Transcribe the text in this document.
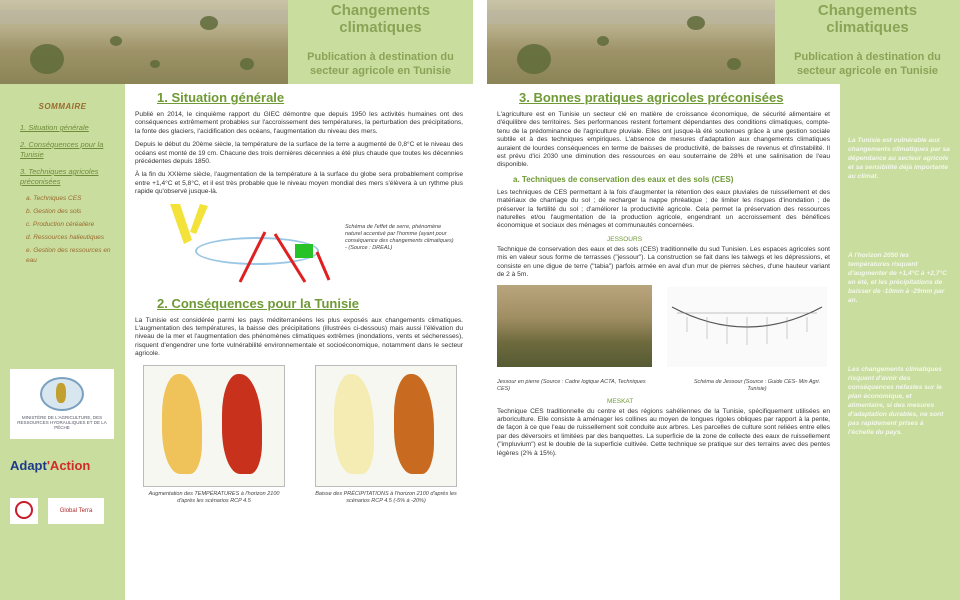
Changements climatiques
Publication à destination du secteur agricole en Tunisie
SOMMAIRE
1. Situation générale
2. Conséquences pour la Tunisie
3. Techniques agricoles préconisées
a. Techniques CES
b. Gestion des sols
c. Production céréalière
d. Ressources halieutiques
e. Gestion des ressources en eau
MINISTÈRE DE L'AGRICULTURE, DES RESSOURCES HYDRAULIQUES ET DE LA PÊCHE
Adapt'Action
Global Terra
1. Situation générale

Publié en 2014, le cinquième rapport du GIEC démontre que depuis 1950 les activités humaines ont des conséquences extrêmement probables sur l'accroissement des températures, la perturbation des précipitations, la fonte des glaciers, l'acidification des océans, l'augmentation du niveau des mers.

Depuis le début du 20ème siècle, la température de la surface de la terre a augmenté de 0,8°C et le niveau des océans est monté de 19 cm. Chacune des trois dernières décennies a été plus chaude que toutes les décennies précédentes depuis 1850.

À la fin du XXIème siècle, l'augmentation de la température à la surface du globe sera probablement comprise entre +1,4°C et 5,8°C, et il est très probable que le niveau moyen mondial des mers s'élèvera à un rythme plus rapide qu'observé jusque-là.

Schéma de l'effet de serre, phénomène naturel accentué par l'homme (ayant pour conséquence des changements climatiques) - (Source : DREAL)
2. Conséquences pour la Tunisie

La Tunisie est considérée parmi les pays méditerranéens les plus exposés aux changements climatiques. L'augmentation des températures, la baisse des précipitations (illustrées ci-dessous) mais aussi l'élévation du niveau de la mer et l'augmentation des phénomènes climatiques extrêmes (inondations, vents et sécheresses), risquent d'engendrer une forte vulnérabilité environnementale et socioéconomique, notamment dans le secteur agricole.

Augmentation des TEMPÉRATURES à l'horizon 2100 d'après les scénarios RCP 4.5
Baisse des PRÉCIPITATIONS à l'horizon 2100 d'après les scénarios RCP 4.5 (-5% à -20%)
Changements climatiques
Publication à destination du secteur agricole en Tunisie
3. Bonnes pratiques agricoles préconisées

L'agriculture est en Tunisie un secteur clé en matière de croissance économique, de sécurité alimentaire et d'équilibre des territoires. Ses performances restent fortement dépendantes des conditions climatiques, compte-tenu de la prédominance de l'agriculture pluviale. Elles ont jusque-là été soutenues grâce à une gestion sociale subtile et à des techniques empiriques. L'absence de mesures d'adaptation aux changements climatiques auraient de lourdes conséquences en terme de baisses de productivité, de baisses de revenus et d'instabilité. Il est prévu d'ici 2030 une diminution des ressources en eau souterraine de 28% et une salinisation de l'eau disponible.

a. Techniques de conservation des eaux et des sols (CES)

Les techniques de CES permettant à la fois d'augmenter la rétention des eaux pluviales de ruissellement et des matériaux de charriage du sol ; de recharger la nappe phréatique ; de limiter les risques d'inondation ; de préserver la fertilité du sol ; d'améliorer la productivité agricole. Cela permet la préservation des ressources naturelles et/ou l'augmentation de la production agricole, engendrant un accroissement des bénéfices économique et sociaux des ménages et communautés concernées.

JESSOURS

Technique de conservation des eaux et des sols (CES) traditionnelle du sud Tunisien. Les espaces agricoles sont mis en valeur sous forme de terrasses ("jessour"). La construction se fait dans les talwegs et les dépressions, et consiste en une digue de terre ("tabia") parfois armée en aval d'un mur de pierres sèches, d'une hauteur variant de 2 à 5m.

Jessour en pierre (Source : Cadre logique ACTA, Techniques CES)
Schéma de Jessour (Source : Guide CES- Min Agri. Tunisie)
MESKAT

Technique CES traditionnelle du centre et des régions sahéliennes de la Tunisie, spécifiquement utilisées en arboriculture. Elle consiste à aménager les collines au moyen de longues rigoles obliques par rapport à la pente, de façon à ce que l'eau de ruissellement soit conduite aux arbres. Les parcelles de culture sont reliées entre elles par des déversoirs et limitées par des banquettes. La superficie de la zone de collecte des eaux de ruissellement ("impluvium") est le double de la superficie cultivée. Cette technique se pratique sur des terrains avec des pentes légères (2% à 15%).

La Tunisie est vulnérable aux changements climatiques par sa dépendance au secteur agricole et sa sensibilité déjà importante au climat.

A l'horizon 2050 les températures risquent d'augmenter de +1,4°C à +2,7°C en été, et les précipitations de baisser de -10mm à -29mm par an.

Les changements climatiques risquent d'avoir des conséquences néfastes sur le plan économique, et alimentaire, si des mesures d'adaptation durables, ne sont pas rapidement prises à l'échelle du pays.
